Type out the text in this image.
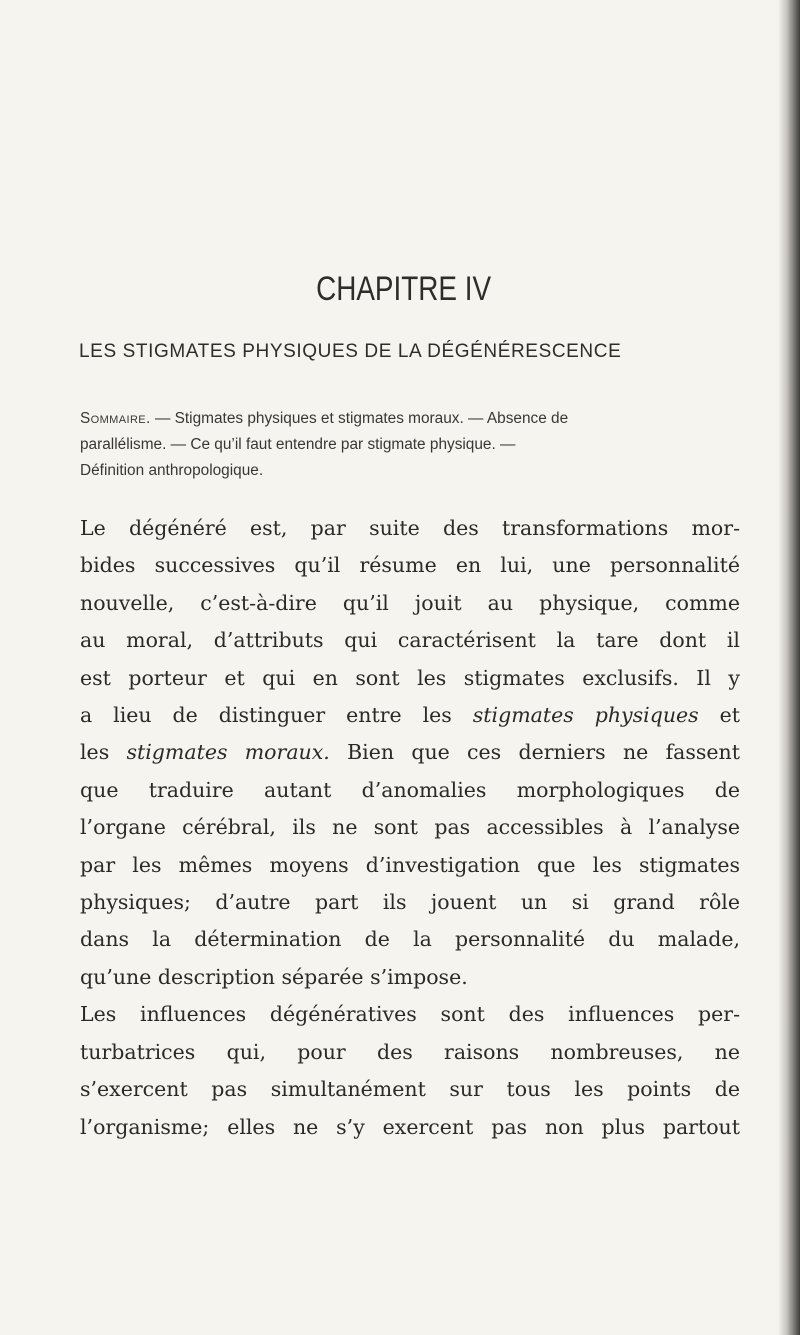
CHAPITRE IV
LES STIGMATES PHYSIQUES DE LA DÉGÉNÉRESCENCE
Sommaire. — Stigmates physiques et stigmates moraux. — Absence de
parallélisme. — Ce qu’il faut entendre par stigmate physique. —
Définition anthropologique.
Le dégénéré est, par suite des transformations mor-
bides successives qu’il résume en lui, une personnalité
nouvelle, c’est-à-dire qu’il jouit au physique, comme
au moral, d’attributs qui caractérisent la tare dont il
est porteur et qui en sont les stigmates exclusifs. Il y
a lieu de distinguer entre les stigmates physiques et
les stigmates moraux. Bien que ces derniers ne fassent
que traduire autant d’anomalies morphologiques de
l’organe cérébral, ils ne sont pas accessibles à l’analyse
par les mêmes moyens d’investigation que les stigmates
physiques; d’autre part ils jouent un si grand rôle
dans la détermination de la personnalité du malade,
qu’une description séparée s’impose.
Les influences dégénératives sont des influences per-
turbatrices qui, pour des raisons nombreuses, ne
s’exercent pas simultanément sur tous les points de
l’organisme; elles ne s’y exercent pas non plus partout
